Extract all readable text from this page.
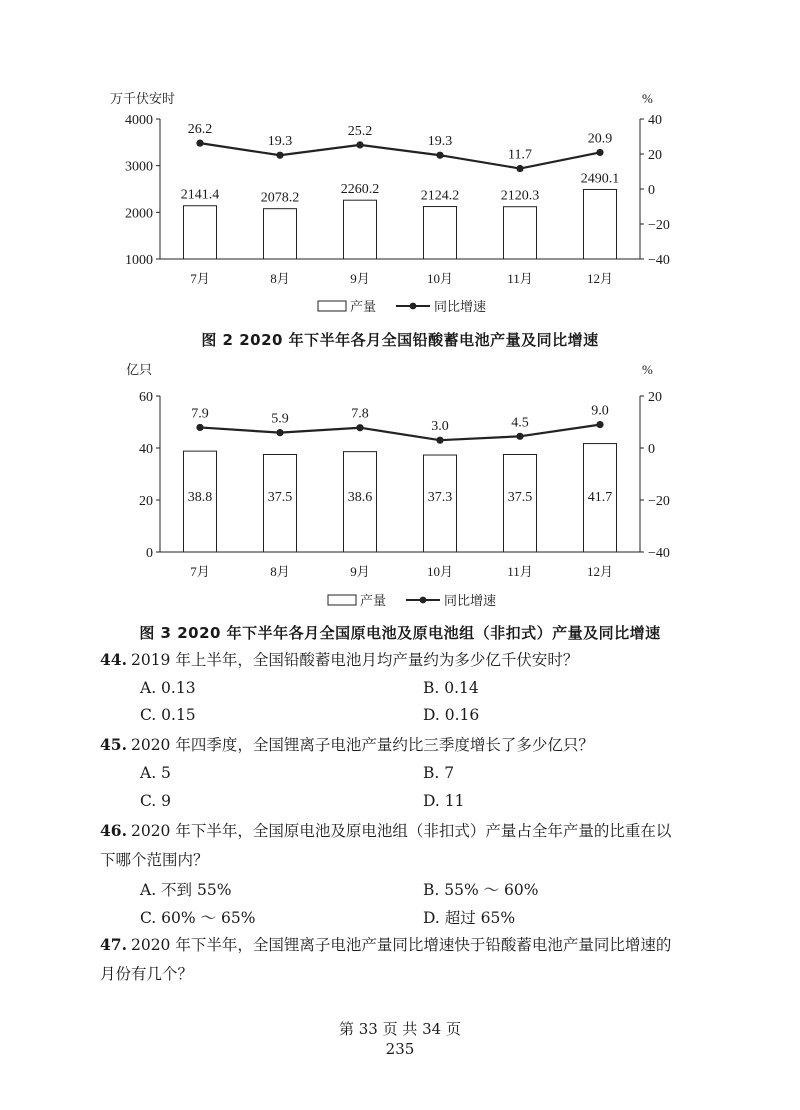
1000
2000
3000
4000
−40
−20
0
20
40
万千伏安时	%
2141.4	2078.2
2260.2	2124.2	2120.3
2490.1
26.2
19.3
25.2
19.3
11.7
20.9
7月	8月	9月	10月	11月	12月
产量	同比增速
图 2 2020 年下半年各月全国铅酸蓄电池产量及同比增速
0
20
40
60
−40
−20
0
20
亿只	%
38.8	37.5	38.6	37.3	37.5	41.7
7.9	5.9	7.8
3.0	4.5
9.0
7月	8月	9月	10月	11月	12月
产量	同比增速
图 3 2020 年下半年各月全国原电池及原电池组（非扣式）产量及同比增速
44. 2019 年上半年，全国铅酸蓄电池月均产量约为多少亿千伏安时？
A. 0.13	B. 0.14
C. 0.15	D. 0.16
45. 2020 年四季度，全国锂离子电池产量约比三季度增长了多少亿只？
A. 5	B. 7
C. 9	D. 11
46. 2020 年下半年，全国原电池及原电池组（非扣式）产量占全年产量的比重在以
下哪个范围内？
A. 不到 55%	B. 55% ～ 60%
C. 60% ～ 65%	D. 超过 65%
47. 2020 年下半年，全国锂离子电池产量同比增速快于铅酸蓄电池产量同比增速的
月份有几个？
第 33 页 共 34 页
235
